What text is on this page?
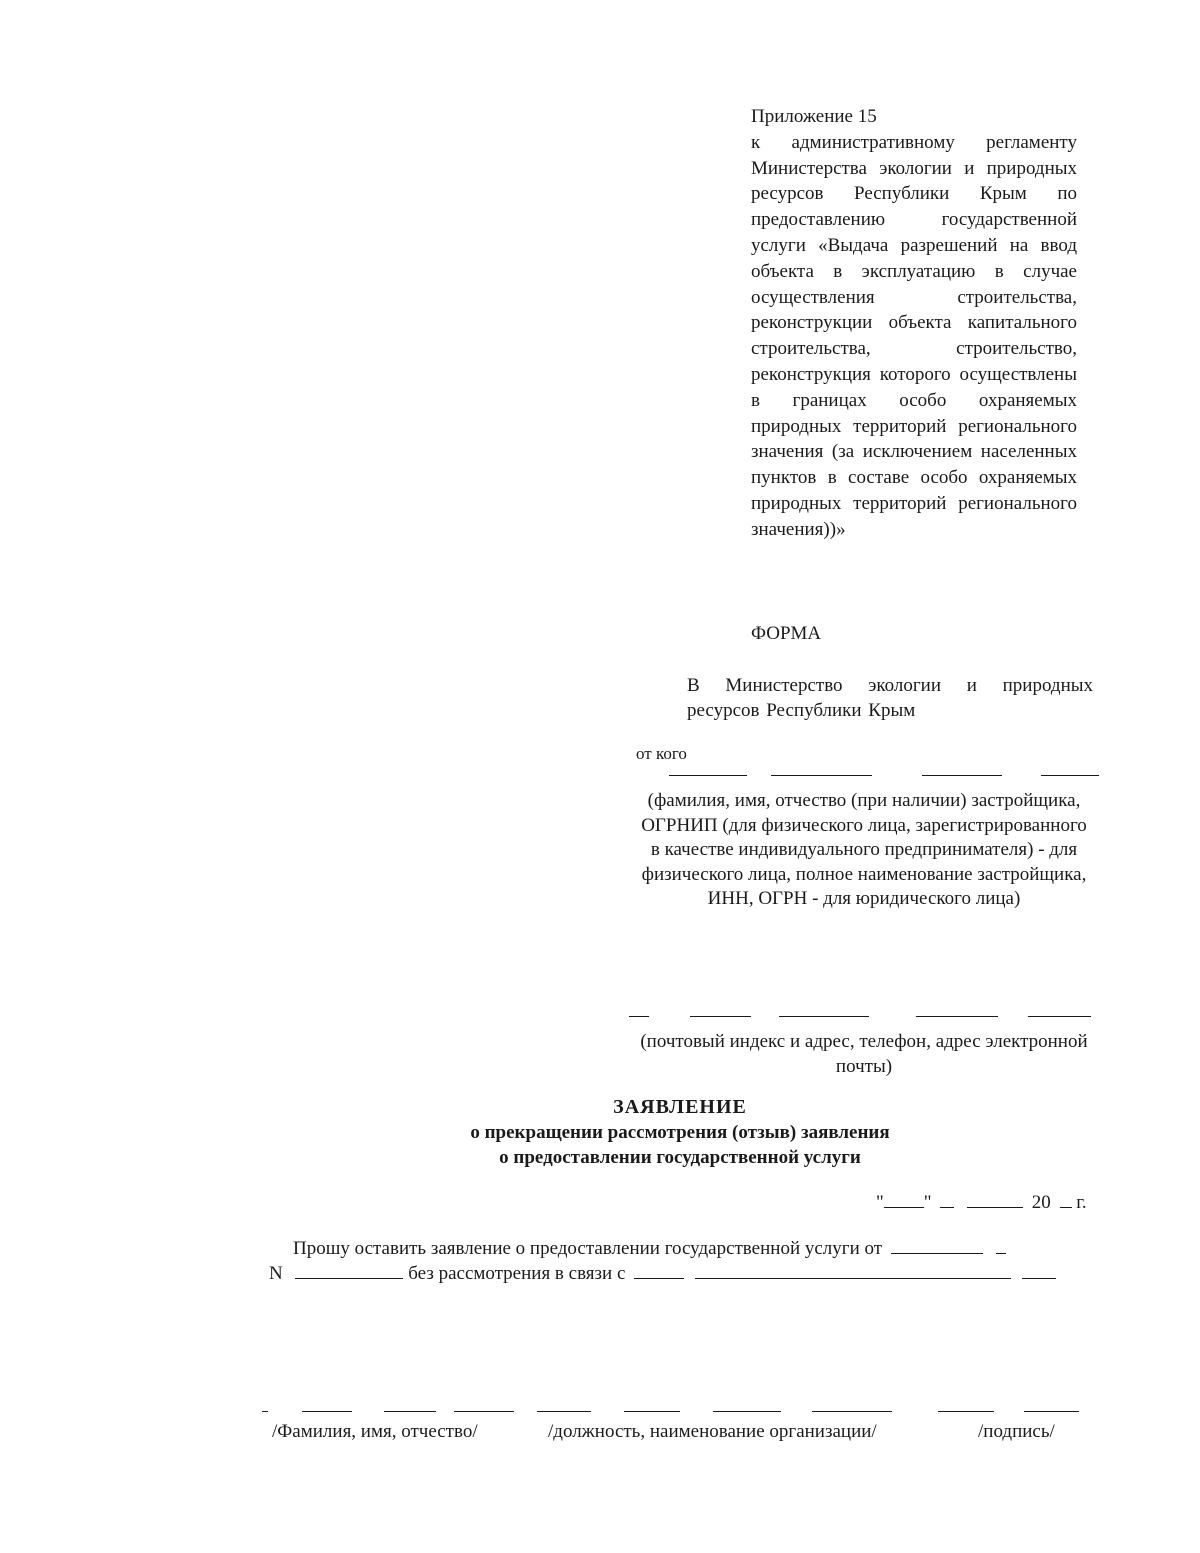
Приложение 15

к административному регламенту Министерства экологии и природных ресурсов Республики Крым по предоставлению государственной услуги «Выдача разрешений на ввод объекта в эксплуатацию в случае осуществления строительства, реконструкции объекта капитального строительства, строительство, реконструкция которого осуществлены в границах особо охраняемых природных территорий регионального значения (за исключением населенных пунктов в составе особо охраняемых природных территорий регионального значения))»

ФОРМА
В Министерство экологии и природных ресурсов Республики Крым
от кого
(фамилия, имя, отчество (при наличии) застройщика, ОГРНИП (для физического лица, зарегистрированного в качестве индивидуального предпринимателя) - для физического лица, полное наименование застройщика, ИНН, ОГРН - для юридического лица)
(почтовый индекс и адрес, телефон, адрес электронной почты)
ЗАЯВЛЕНИЕ
о прекращении рассмотрения (отзыв) заявления
о предоставлении государственной услуги
" "	20 г.
Прошу оставить заявление о предоставлении государственной услуги от
N	без рассмотрения в связи с
/Фамилия, имя, отчество/	/должность, наименование организации/	/подпись/
